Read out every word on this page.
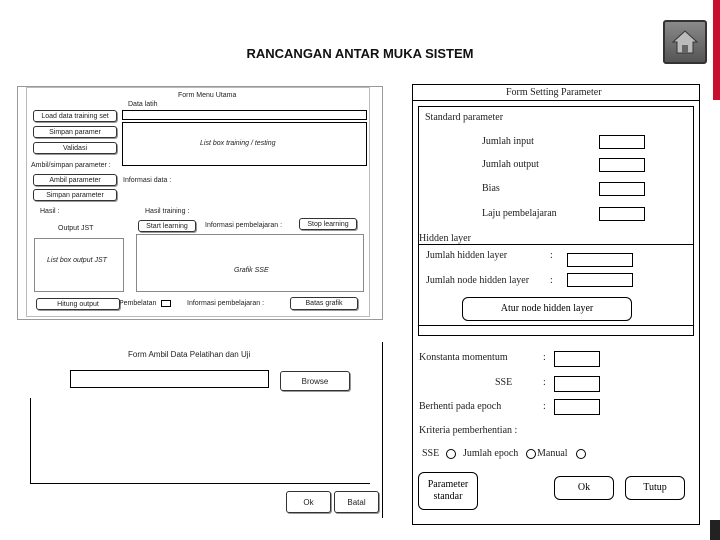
RANCANGAN ANTAR MUKA SISTEM
Form Menu Utama
Data latih
Load data training set
Simpan paramer
Validasi
List box training / testing
Ambil/simpan parameter :
Ambil parameter
Simpan parameter
Informasi data :
Hasil :	Hasil training :
Output JST	Start learning	Informasi pembelajaran :	Stop learning
List box output JST
Grafik SSE
Hitung output	Pembelatan	Informasi pembelajaran :	Batas grafik
Form Ambil Data Pelatihan dan Uji
Browse
Ok	Batal
Form Setting Parameter
Standard parameter
Jumlah input
Jumlah output
Bias
Laju pembelajaran
Hidden layer
Jumlah hidden layer	:
Jumlah node hidden layer :
Atur node hidden layer
Konstanta momentum	:
SSE	:
Berhenti pada epoch	:
Kriteria pemberhentian :
SSE Jumlah epoch Manual
Parameter standar
Ok	Tutup
